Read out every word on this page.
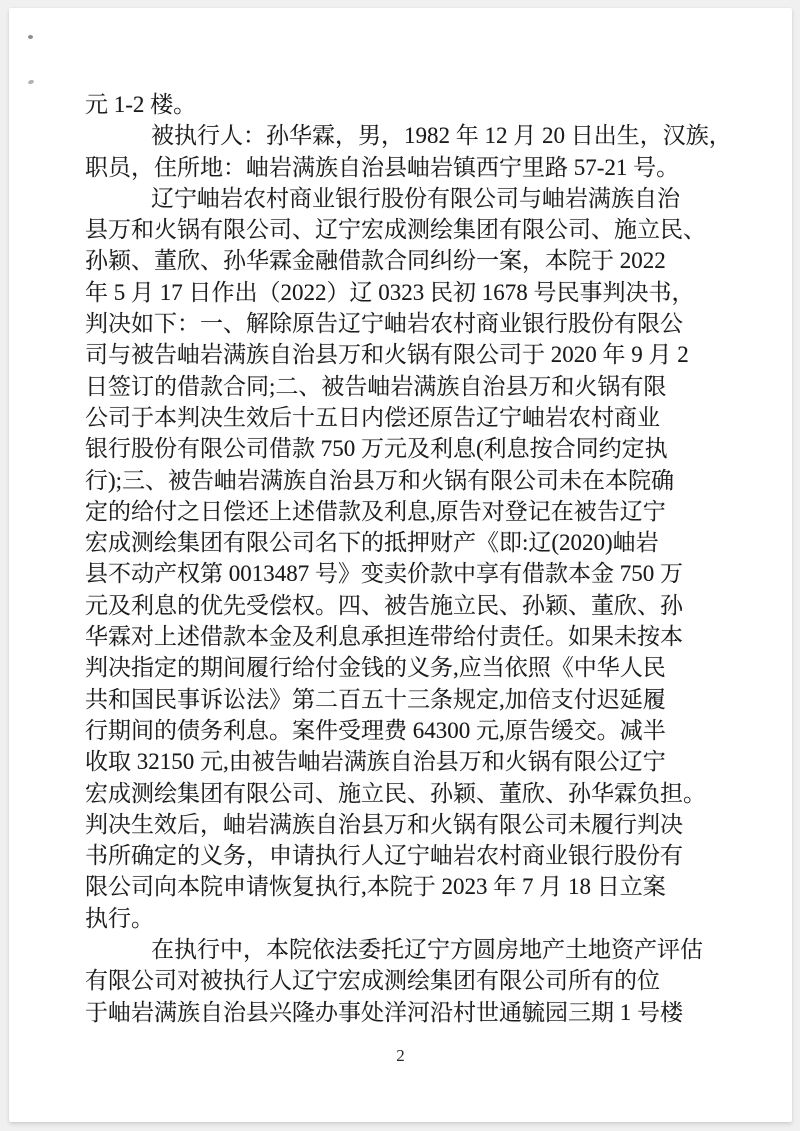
元 1-2 楼。
被执行人：孙华霖，男，1982 年 12 月 20 日出生，汉族，
职员，住所地：岫岩满族自治县岫岩镇西宁里路 57-21 号。
辽宁岫岩农村商业银行股份有限公司与岫岩满族自治
县万和火锅有限公司、辽宁宏成测绘集团有限公司、施立民、
孙颖、董欣、孙华霖金融借款合同纠纷一案，本院于 2022
年 5 月 17 日作出（2022）辽 0323 民初 1678 号民事判决书，
判决如下：一、解除原告辽宁岫岩农村商业银行股份有限公
司与被告岫岩满族自治县万和火锅有限公司于 2020 年 9 月 2
日签订的借款合同;二、被告岫岩满族自治县万和火锅有限
公司于本判决生效后十五日内偿还原告辽宁岫岩农村商业
银行股份有限公司借款 750 万元及利息(利息按合同约定执
行);三、被告岫岩满族自治县万和火锅有限公司未在本院确
定的给付之日偿还上述借款及利息,原告对登记在被告辽宁
宏成测绘集团有限公司名下的抵押财产《即:辽(2020)岫岩
县不动产权第 0013487 号》变卖价款中享有借款本金 750 万
元及利息的优先受偿权。四、被告施立民、孙颖、董欣、孙
华霖对上述借款本金及利息承担连带给付责任。如果未按本
判决指定的期间履行给付金钱的义务,应当依照《中华人民
共和国民事诉讼法》第二百五十三条规定,加倍支付迟延履
行期间的债务利息。案件受理费 64300 元,原告缓交。减半
收取 32150 元,由被告岫岩满族自治县万和火锅有限公辽宁
宏成测绘集团有限公司、施立民、孙颖、董欣、孙华霖负担。
判决生效后，岫岩满族自治县万和火锅有限公司未履行判决
书所确定的义务，申请执行人辽宁岫岩农村商业银行股份有
限公司向本院申请恢复执行,本院于 2023 年 7 月 18 日立案
执行。
在执行中，本院依法委托辽宁方圆房地产土地资产评估
有限公司对被执行人辽宁宏成测绘集团有限公司所有的位
于岫岩满族自治县兴隆办事处洋河沿村世通毓园三期 1 号楼
2
